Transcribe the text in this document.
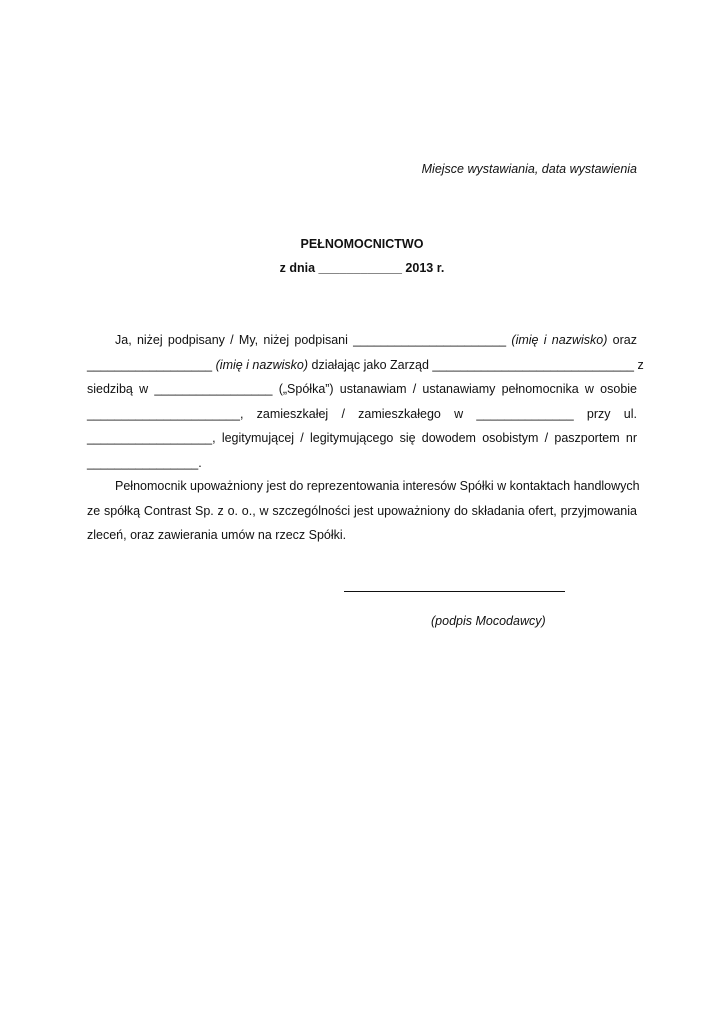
Miejsce wystawiania, data wystawienia
PEŁNOMOCNICTWO
z dnia ____________ 2013 r.
Ja, niżej podpisany / My, niżej podpisani ______________________ (imię i nazwisko) oraz
__________________ (imię i nazwisko) działając jako Zarząd _____________________________ z
siedzibą w _________________ („Spółka”) ustanawiam / ustanawiamy pełnomocnika w osobie
______________________, zamieszkałej / zamieszkałego w ______________ przy ul.
__________________, legitymującej / legitymującego się dowodem osobistym / paszportem nr
________________.
Pełnomocnik upoważniony jest do reprezentowania interesów Spółki w kontaktach handlowych
ze spółką Contrast Sp. z o. o., w szczególności jest upoważniony do składania ofert, przyjmowania
zleceń, oraz zawierania umów na rzecz Spółki.
(podpis Mocodawcy)
